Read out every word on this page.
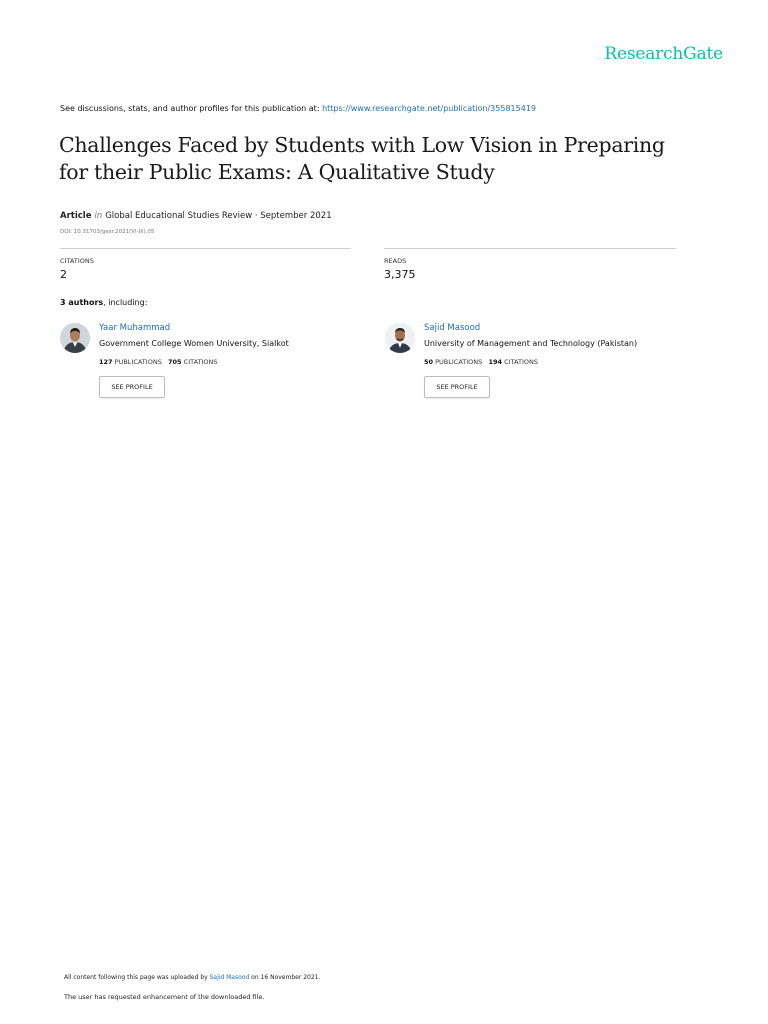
ResearchGate
See discussions, stats, and author profiles for this publication at: https://www.researchgate.net/publication/355815419
Challenges Faced by Students with Low Vision in Preparing for their Public Exams: A Qualitative Study
Article in Global Educational Studies Review · September 2021
DOI: 10.31703/gesr.2021(VI-III).05
CITATIONS
2
READS
3,375
3 authors, including:
Yaar Muhammad
Government College Women University, Sialkot
127 PUBLICATIONS 705 CITATIONS
SEE PROFILE
Sajid Masood
University of Management and Technology (Pakistan)
50 PUBLICATIONS 194 CITATIONS
SEE PROFILE
All content following this page was uploaded by Sajid Masood on 16 November 2021.
The user has requested enhancement of the downloaded file.
